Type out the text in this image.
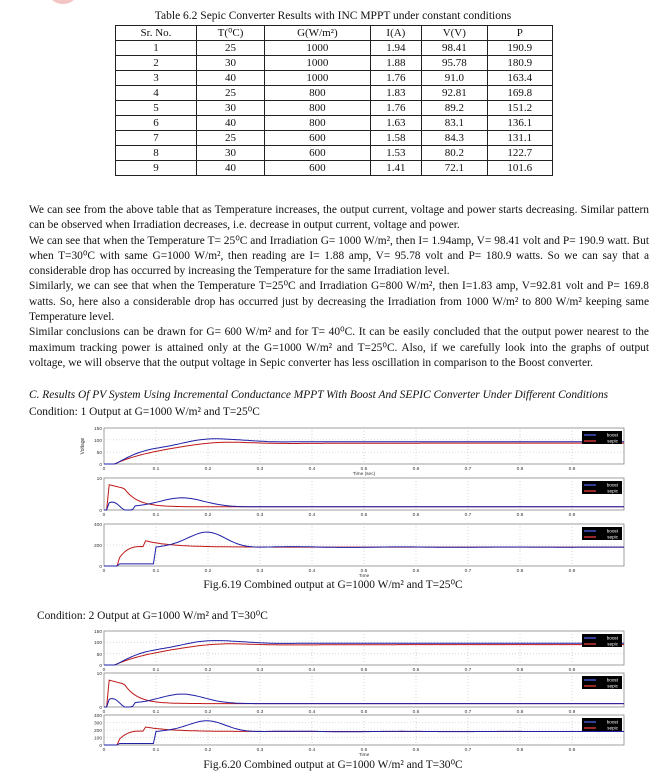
Table 6.2 Sepic Converter Results with INC MPPT under constant conditions
Sr. No.	T(⁰C)	G(W/m²)	I(A)	V(V)	P
1	25	1000	1.94	98.41	190.9
2	30	1000	1.88	95.78	180.9
3	40	1000	1.76	91.0	163.4
4	25	800	1.83	92.81	169.8
5	30	800	1.76	89.2	151.2
6	40	800	1.63	83.1	136.1
7	25	600	1.58	84.3	131.1
8	30	600	1.53	80.2	122.7
9	40	600	1.41	72.1	101.6

We can see from the above table that as Temperature increases, the output current, voltage and power starts decreasing. Similar pattern can be observed when Irradiation decreases, i.e. decrease in output current, voltage and power.

We can see that when the Temperature T= 25⁰C and Irradiation G= 1000 W/m², then I= 1.94amp, V= 98.41 volt and P= 190.9 watt. But when T=30⁰C with same G=1000 W/m², then reading are I= 1.88 amp, V= 95.78 volt and P= 180.9 watts. So we can say that a considerable drop has occurred by increasing the Temperature for the same Irradiation level.

Similarly, we can see that when the Temperature T=25⁰C and Irradiation G=800 W/m², then I=1.83 amp, V=92.81 volt and P= 169.8 watts. So, here also a considerable drop has occurred just by decreasing the Irradiation from 1000 W/m² to 800 W/m² keeping same Temperature level.

Similar conclusions can be drawn for G= 600 W/m² and for T= 40⁰C. It can be easily concluded that the output power nearest to the maximum tracking power is attained only at the G=1000 W/m² and T=25⁰C. Also, if we carefully look into the graphs of output voltage, we will observe that the output voltage in Sepic converter has less oscillation in comparison to the Boost converter.

C. Results Of PV System Using Incremental Conductance MPPT With Boost And SEPIC Converter Under Different Conditions
Condition: 1 Output at G=1000 W/m² and T=25⁰C
0	0.1	0.2	0.3	0.4	0.5	0.6	0.7	0.8	0.9
150
100
50
0
boost
sepic
Time (sec)
Voltage
0	0.1	0.2	0.3	0.4	0.5	0.6	0.7	0.8	0.9
10
0
boost
sepic
0	0.1	0.2	0.3	0.4	0.5	0.6	0.7	0.8	0.9
400
200
0
boost
sepic
Time
Fig.6.19 Combined output at G=1000 W/m² and T=25⁰C
Condition: 2 Output at G=1000 W/m² and T=30⁰C
0	0.1	0.2	0.3	0.4	0.5	0.6	0.7	0.8	0.9
150
100
50
0
boost
sepic
0	0.1	0.2	0.3	0.4	0.5	0.6	0.7	0.8	0.9
10
0
boost
sepic
0	0.1	0.2	0.3	0.4	0.5	0.6	0.7	0.8	0.9
400
300
200
100
0
boost
sepic
Time
Fig.6.20 Combined output at G=1000 W/m² and T=30⁰C
